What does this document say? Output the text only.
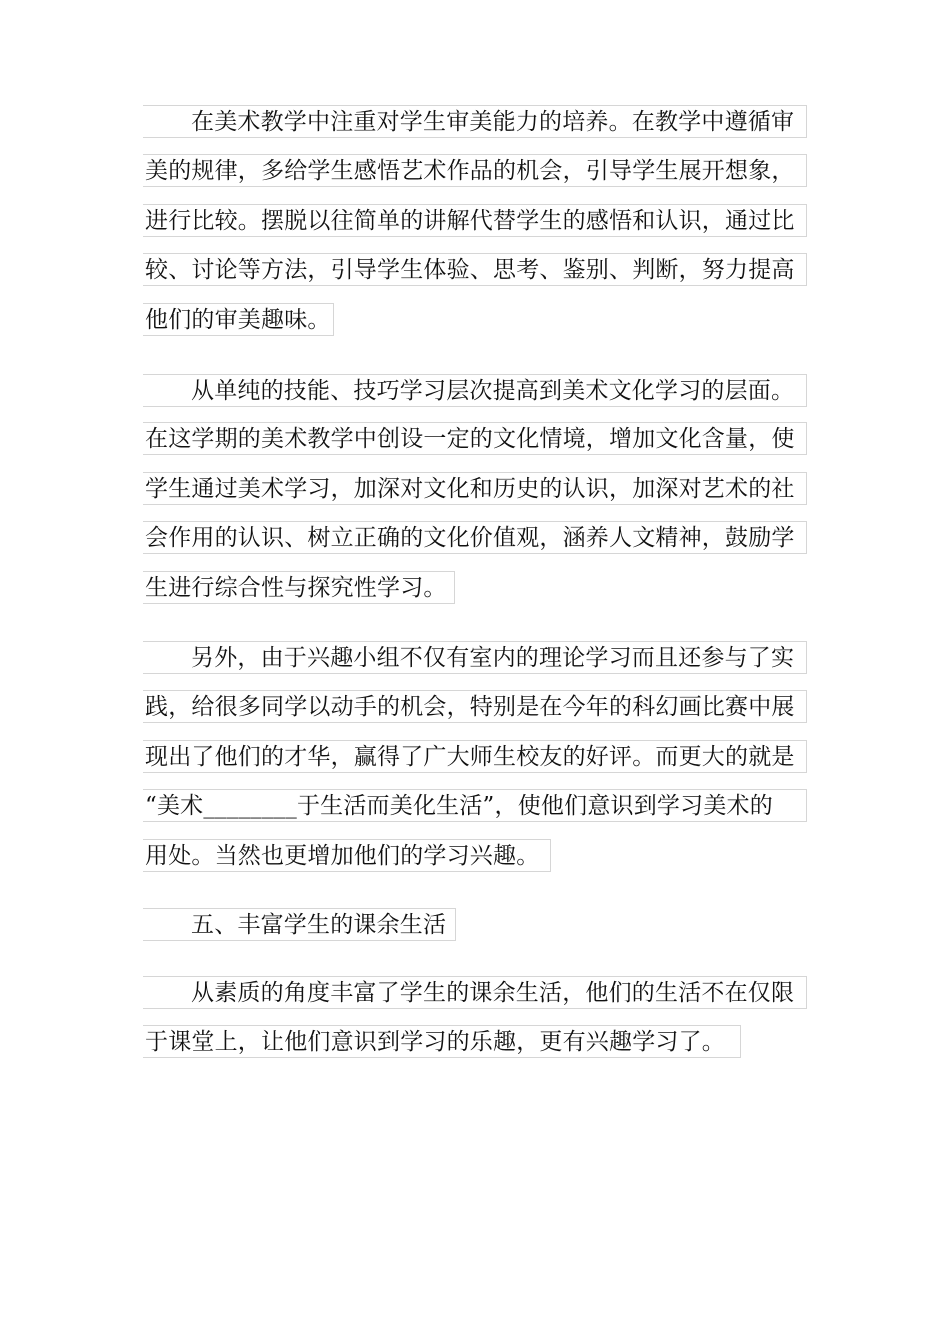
在美术教学中注重对学生审美能力的培养。在教学中遵循审
美的规律，多给学生感悟艺术作品的机会，引导学生展开想象，
进行比较。摆脱以往简单的讲解代替学生的感悟和认识，通过比
较、讨论等方法，引导学生体验、思考、鉴别、判断，努力提高
他们的审美趣味。
从单纯的技能、技巧学习层次提高到美术文化学习的层面。
在这学期的美术教学中创设一定的文化情境，增加文化含量，使
学生通过美术学习，加深对文化和历史的认识，加深对艺术的社
会作用的认识、树立正确的文化价值观，涵养人文精神，鼓励学
生进行综合性与探究性学习。
另外，由于兴趣小组不仅有室内的理论学习而且还参与了实
践，给很多同学以动手的机会，特别是在今年的科幻画比赛中展
现出了他们的才华，赢得了广大师生校友的好评。而更大的就是
“美术________于生活而美化生活”，使他们意识到学习美术的
用处。当然也更增加他们的学习兴趣。
五、丰富学生的课余生活
从素质的角度丰富了学生的课余生活，他们的生活不在仅限
于课堂上，让他们意识到学习的乐趣，更有兴趣学习了。
